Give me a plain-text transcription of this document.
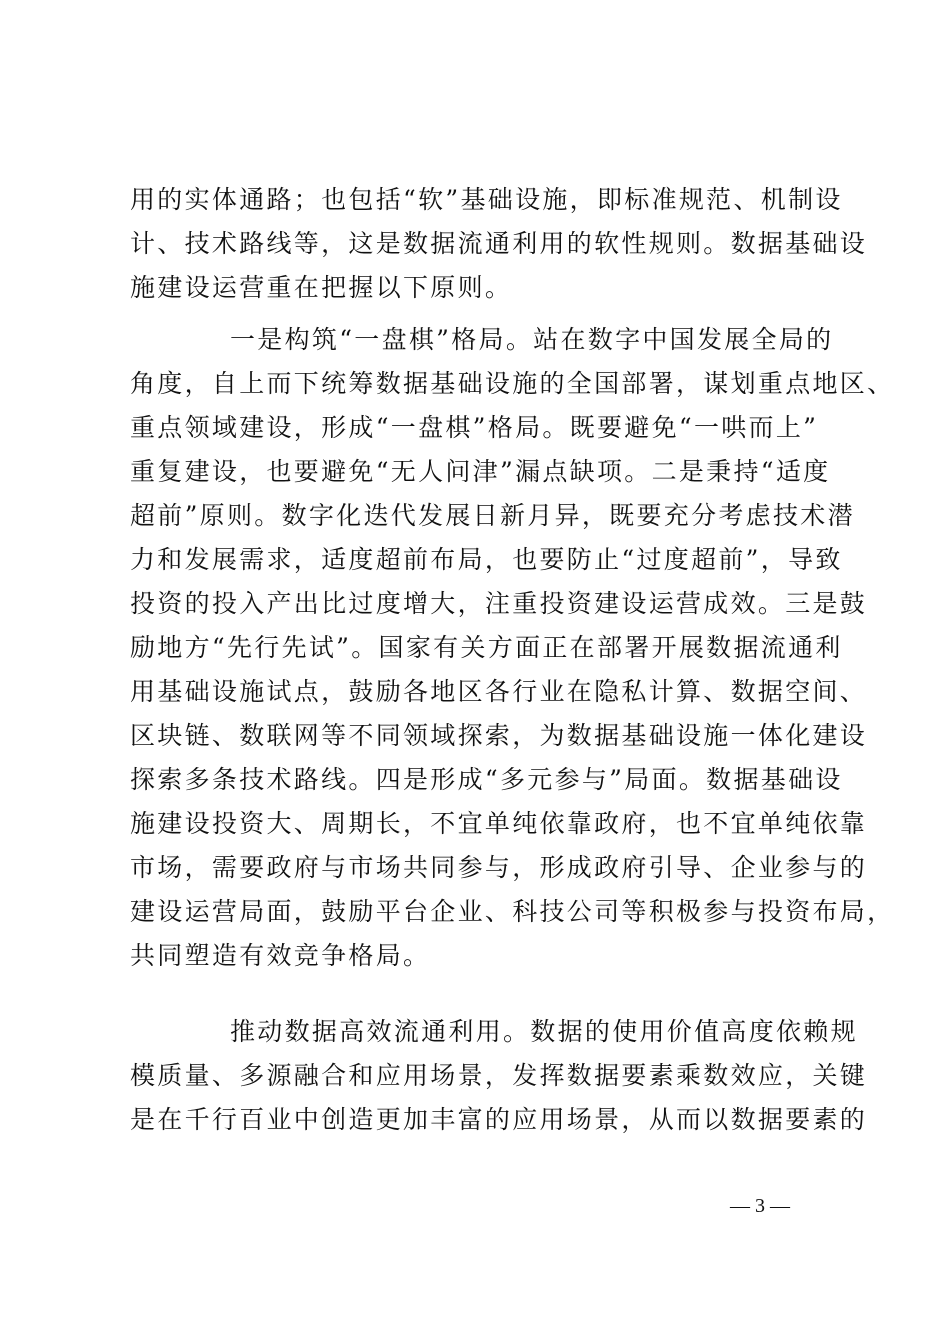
用的实体通路；也包括“软”基础设施，即标准规范、机制设
计、技术路线等，这是数据流通利用的软性规则。数据基础设
施建设运营重在把握以下原则。
一是构筑“一盘棋”格局。站在数字中国发展全局的
角度，自上而下统筹数据基础设施的全国部署，谋划重点地区、
重点领域建设，形成“一盘棋”格局。既要避免“一哄而上”
重复建设，也要避免“无人问津”漏点缺项。二是秉持“适度
超前”原则。数字化迭代发展日新月异，既要充分考虑技术潜
力和发展需求，适度超前布局，也要防止“过度超前”，导致
投资的投入产出比过度增大，注重投资建设运营成效。三是鼓
励地方“先行先试”。国家有关方面正在部署开展数据流通利
用基础设施试点，鼓励各地区各行业在隐私计算、数据空间、
区块链、数联网等不同领域探索，为数据基础设施一体化建设
探索多条技术路线。四是形成“多元参与”局面。数据基础设
施建设投资大、周期长，不宜单纯依靠政府，也不宜单纯依靠
市场，需要政府与市场共同参与，形成政府引导、企业参与的
建设运营局面，鼓励平台企业、科技公司等积极参与投资布局，
共同塑造有效竞争格局。
推动数据高效流通利用。数据的使用价值高度依赖规
模质量、多源融合和应用场景，发挥数据要素乘数效应，关键
是在千行百业中创造更加丰富的应用场景，从而以数据要素的
— 3 —
